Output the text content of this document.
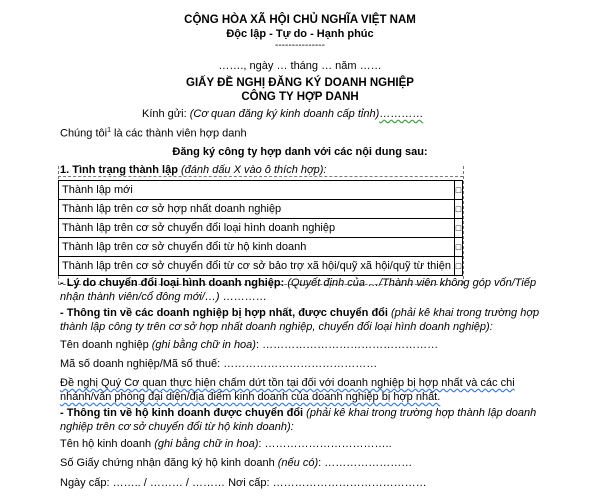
CỘNG HÒA XÃ HỘI CHỦ NGHĨA VIỆT NAM
Độc lập - Tự do - Hạnh phúc
---------------
……., ngày … tháng … năm ……
GIẤY ĐỀ NGHỊ ĐĂNG KÝ DOANH NGHIỆP
CÔNG TY HỢP DANH
Kính gửi: (Cơ quan đăng ký kinh doanh cấp tỉnh)…………
Chúng tôi$^1$ là các thành viên hợp danh
Đăng ký công ty hợp danh với các nội dung sau:
1. Tình trạng thành lập (đánh dấu X vào ô thích hợp):
Thành lập mới	□
Thành lập trên cơ sở hợp nhất doanh nghiệp	□
Thành lập trên cơ sở chuyển đổi loại hình doanh nghiệp	□
Thành lập trên cơ sở chuyển đổi từ hộ kinh doanh	□
Thành lập trên cơ sở chuyển đổi từ cơ sở bảo trợ xã hội/quỹ xã hội/quỹ từ thiện	□
- Lý do chuyển đổi loại hình doanh nghiệp: (Quyết định của …/Thành viên không góp vốn/Tiếp nhận thành viên/cổ đông mới/…) …………
- Thông tin về các doanh nghiệp bị hợp nhất, được chuyển đổi (phải kê khai trong trường hợp thành lập công ty trên cơ sở hợp nhất doanh nghiệp, chuyển đổi loại hình doanh nghiệp):
Tên doanh nghiệp (ghi bằng chữ in hoa): …………………………………………
Mã số doanh nghiệp/Mã số thuế: ……………………………………
Đề nghị Quý Cơ quan thực hiện chấm dứt tồn tại đối với doanh nghiệp bị hợp nhất và các chi nhánh/văn phòng đại diện/địa điểm kinh doanh của doanh nghiệp bị hợp nhất.
- Thông tin về hộ kinh doanh được chuyển đổi (phải kê khai trong trường hợp thành lập doanh nghiệp trên cơ sở chuyển đổi từ hộ kinh doanh):
Tên hộ kinh doanh (ghi bằng chữ in hoa): ……………………………..
Số Giấy chứng nhận đăng ký hộ kinh doanh (nếu có): ……………………
Ngày cấp: …….. / ……… / ……… Nơi cấp: ……………………………………
